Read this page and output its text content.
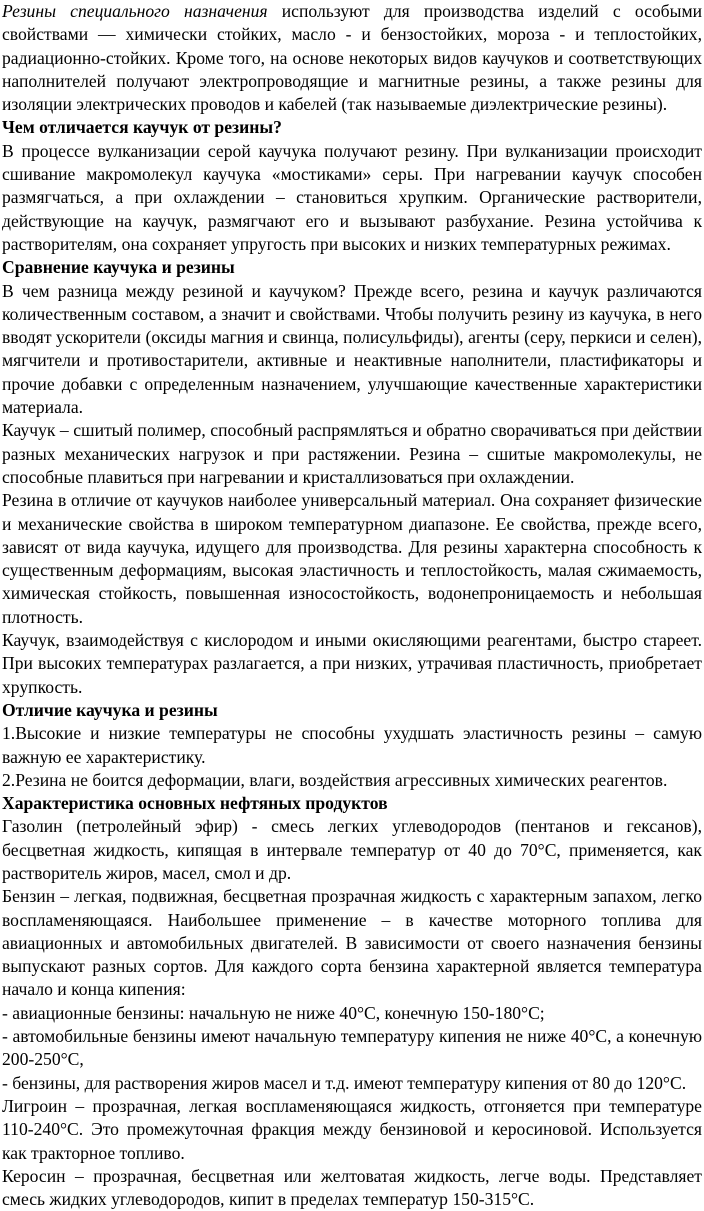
Резины специального назначения используют для производства изделий с особыми свойствами — химически стойких, масло - и бензостойких, мороза - и теплостойких, радиационно-стойких. Кроме того, на основе некоторых видов каучуков и соответствующих наполнителей получают электропроводящие и магнитные резины, а также резины для изоляции электрических проводов и кабелей (так называемые диэлектрические резины).

Чем отличается каучук от резины?

В процессе вулканизации серой каучука получают резину. При вулканизации происходит сшивание макромолекул каучука «мостиками» серы. При нагревании каучук способен размягчаться, а при охлаждении – становиться хрупким. Органические растворители, действующие на каучук, размягчают его и вызывают разбухание. Резина устойчива к растворителям, она сохраняет упругость при высоких и низких температурных режимах.

Сравнение каучука и резины

В чем разница между резиной и каучуком? Прежде всего, резина и каучук различаются количественным составом, а значит и свойствами. Чтобы получить резину из каучука, в него вводят ускорители (оксиды магния и свинца, полисульфиды), агенты (серу, перкиси и селен), мягчители и противостарители, активные и неактивные наполнители, пластификаторы и прочие добавки с определенным назначением, улучшающие качественные характеристики материала.

Каучук – сшитый полимер, способный распрямляться и обратно сворачиваться при действии разных механических нагрузок и при растяжении. Резина – сшитые макромолекулы, не способные плавиться при нагревании и кристаллизоваться при охлаждении.

Резина в отличие от каучуков наиболее универсальный материал. Она сохраняет физические и механические свойства в широком температурном диапазоне. Ее свойства, прежде всего, зависят от вида каучука, идущего для производства. Для резины характерна способность к существенным деформациям, высокая эластичность и теплостойкость, малая сжимаемость, химическая стойкость, повышенная износостойкость, водонепроницаемость и небольшая плотность.

Каучук, взаимодействуя с кислородом и иными окисляющими реагентами, быстро стареет. При высоких температурах разлагается, а при низких, утрачивая пластичность, приобретает хрупкость.

Отличие каучука и резины

1.Высокие и низкие температуры не способны ухудшать эластичность резины – самую важную ее характеристику.

2.Резина не боится деформации, влаги, воздействия агрессивных химических реагентов.

Характеристика основных нефтяных продуктов

Газолин (петролейный эфир) - смесь легких углеводородов (пентанов и гексанов), бесцветная жидкость, кипящая в интервале температур от 40 до 70°С, применяется, как растворитель жиров, масел, смол и др.

Бензин – легкая, подвижная, бесцветная прозрачная жидкость с характерным запахом, легко воспламеняющаяся. Наибольшее применение – в качестве моторного топлива для авиационных и автомобильных двигателей. В зависимости от своего назначения бензины выпускают разных сортов. Для каждого сорта бензина характерной является температура начало и конца кипения:

- авиационные бензины: начальную не ниже 40°С, конечную 150-180°С;

- автомобильные бензины имеют начальную температуру кипения не ниже 40°С, а конечную 200-250°С,

- бензины, для растворения жиров масел и т.д. имеют температуру кипения от 80 до 120°С.

Лигроин – прозрачная, легкая воспламеняющаяся жидкость, отгоняется при температуре 110-240°С. Это промежуточная фракция между бензиновой и керосиновой. Используется как тракторное топливо.

Керосин – прозрачная, бесцветная или желтоватая жидкость, легче воды. Представляет смесь жидких углеводородов, кипит в пределах температур 150-315°С.
